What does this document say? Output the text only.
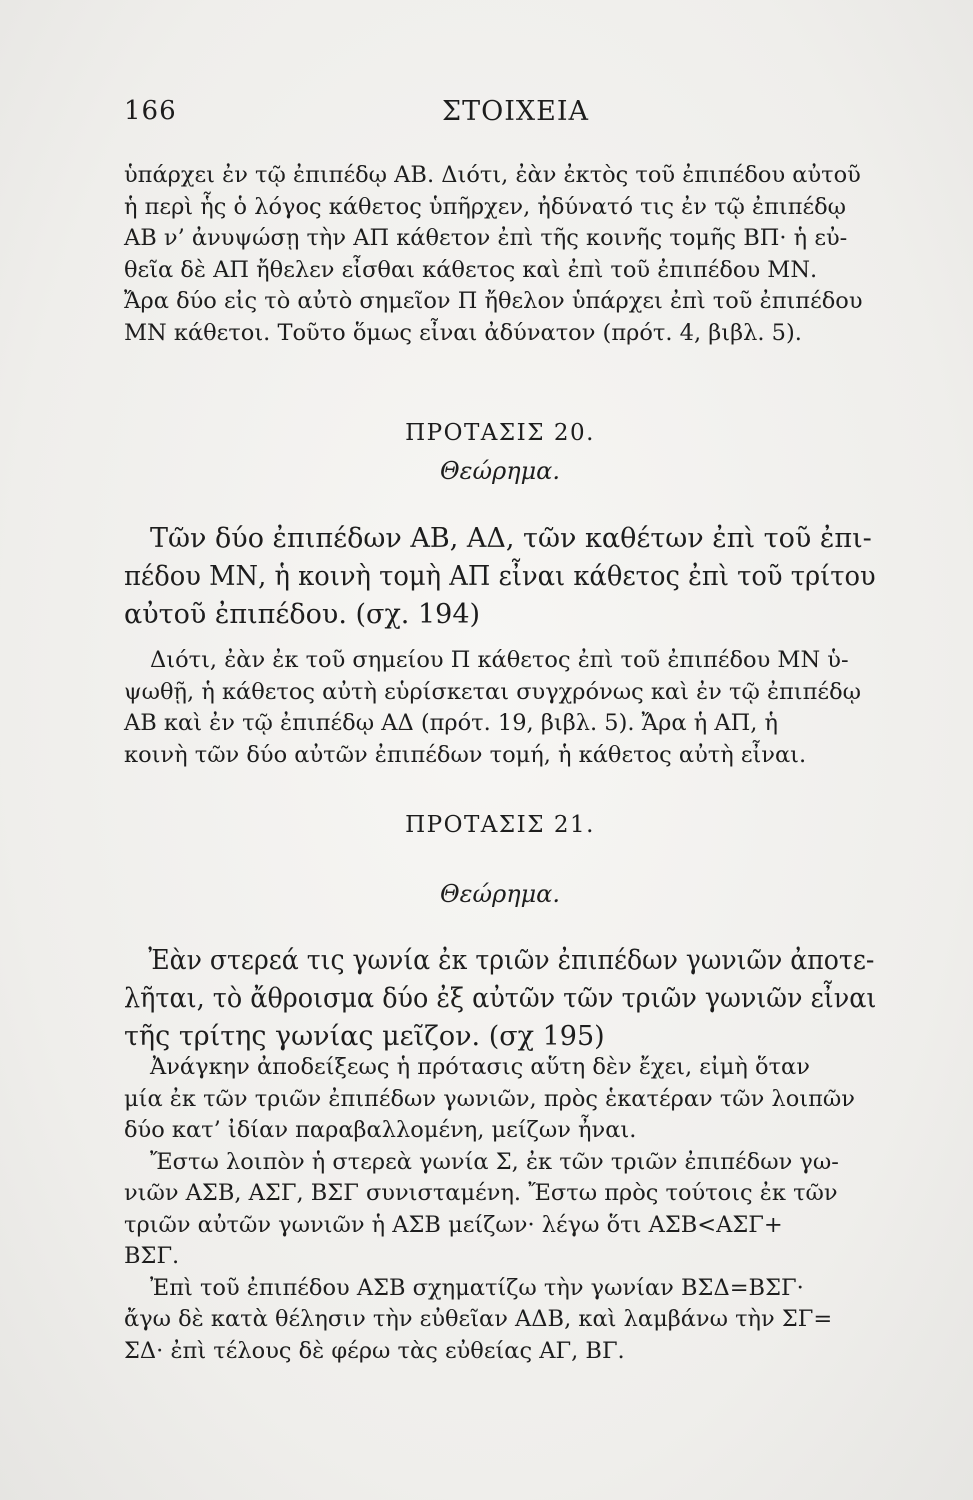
166	ΣΤΟΙΧΕΙΑ
ὑπάρχει ἐν τῷ ἐπιπέδῳ ΑΒ. Διότι, ἐὰν ἐκτὸς τοῦ ἐπιπέδου αὐτοῦ
ἡ περὶ ἧς ὁ λόγος κάθετος ὑπῆρχεν, ἠδύνατό τις ἐν τῷ ἐπιπέδῳ
ΑΒ ν’ ἀνυψώσῃ τὴν ΑΠ κάθετον ἐπὶ τῆς κοινῆς τομῆς ΒΠ· ἡ εὐ-
θεῖα δὲ ΑΠ ἤθελεν εἶσθαι κάθετος καὶ ἐπὶ τοῦ ἐπιπέδου ΜΝ.
Ἄρα δύο εἰς τὸ αὐτὸ σημεῖον Π ἤθελον ὑπάρχει ἐπὶ τοῦ ἐπιπέδου
ΜΝ κάθετοι. Τοῦτο ὅμως εἶναι ἀδύνατον (πρότ. 4, βιβλ. 5).
ΠΡΟΤΑΣΙΣ 20.
Θεώρημα.
Τῶν δύο ἐπιπέδων ΑΒ, ΑΔ, τῶν καθέτων ἐπὶ τοῦ ἐπι-
πέδου ΜΝ, ἡ κοινὴ τομὴ ΑΠ εἶναι κάθετος ἐπὶ τοῦ τρίτου
αὐτοῦ ἐπιπέδου. (σχ. 194)
Διότι, ἐὰν ἐκ τοῦ σημείου Π κάθετος ἐπὶ τοῦ ἐπιπέδου ΜΝ ὑ-
ψωθῇ, ἡ κάθετος αὐτὴ εὑρίσκεται συγχρόνως καὶ ἐν τῷ ἐπιπέδῳ
ΑΒ καὶ ἐν τῷ ἐπιπέδῳ ΑΔ (πρότ. 19, βιβλ. 5). Ἄρα ἡ ΑΠ, ἡ
κοινὴ τῶν δύο αὐτῶν ἐπιπέδων τομή, ἡ κάθετος αὐτὴ εἶναι.
ΠΡΟΤΑΣΙΣ 21.
Θεώρημα.
Ἐὰν στερεά τις γωνία ἐκ τριῶν ἐπιπέδων γωνιῶν ἀποτε-
λῆται, τὸ ἄθροισμα δύο ἐξ αὐτῶν τῶν τριῶν γωνιῶν εἶναι
τῆς τρίτης γωνίας μεῖζον. (σχ 195)
Ἀνάγκην ἀποδείξεως ἡ πρότασις αὕτη δὲν ἔχει, εἰμὴ ὅταν
μία ἐκ τῶν τριῶν ἐπιπέδων γωνιῶν, πρὸς ἑκατέραν τῶν λοιπῶν
δύο κατ’ ἰδίαν παραβαλλομένη, μείζων ἦναι.
Ἔστω λοιπὸν ἡ στερεὰ γωνία Σ, ἐκ τῶν τριῶν ἐπιπέδων γω-
νιῶν ΑΣΒ, ΑΣΓ, ΒΣΓ συνισταμένη. Ἔστω πρὸς τούτοις ἐκ τῶν
τριῶν αὐτῶν γωνιῶν ἡ ΑΣΒ μείζων· λέγω ὅτι ΑΣΒ<ΑΣΓ+
ΒΣΓ.
Ἐπὶ τοῦ ἐπιπέδου ΑΣΒ σχηματίζω τὴν γωνίαν ΒΣΔ=ΒΣΓ·
ἄγω δὲ κατὰ θέλησιν τὴν εὐθεῖαν ΑΔΒ, καὶ λαμβάνω τὴν ΣΓ=
ΣΔ· ἐπὶ τέλους δὲ φέρω τὰς εὐθείας ΑΓ, ΒΓ.
